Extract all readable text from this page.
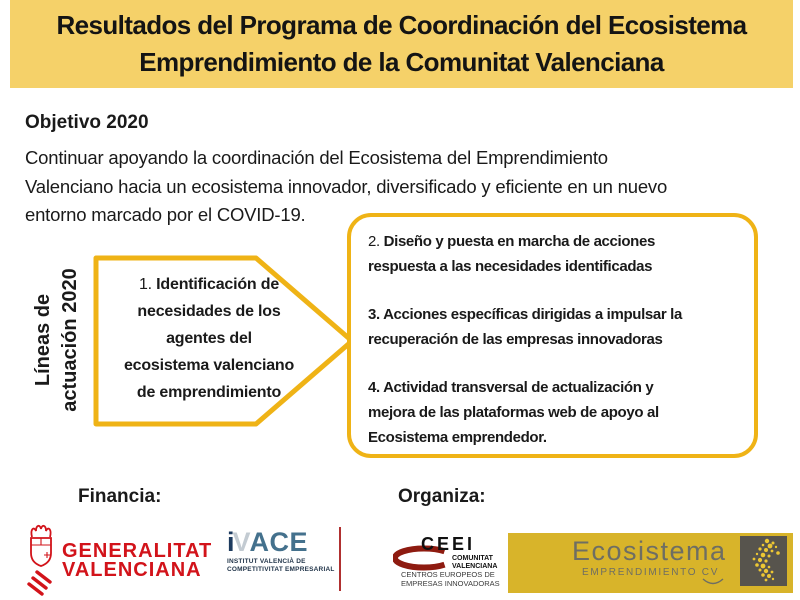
Resultados del Programa de Coordinación del Ecosistema
Emprendimiento de la Comunitat Valenciana
Objetivo 2020
Continuar apoyando la coordinación del Ecosistema del Emprendimiento
Valenciano hacia un ecosistema innovador, diversificado y eficiente en un nuevo
entorno marcado por el COVID-19.
Líneas de actuación 2020	1. Identificación de
necesidades de los
agentes del
ecosistema valenciano
de emprendimiento
2. Diseño y puesta en marcha de acciones
respuesta a las necesidades identificadas
3. Acciones específicas dirigidas a impulsar la
recuperación de las empresas innovadoras
4. Actividad transversal de actualización y
mejora de las plataformas web de apoyo al
Ecosistema emprendedor.
Financia:	Organiza:
GENERALITAT
VALENCIANA
iVACE
INSTITUT VALENCIÀ DE
COMPETITIVITAT EMPRESARIAL
CEEI
COMUNITAT
VALENCIANA
CENTROS EUROPEOS DE
EMPRESAS INNOVADORAS
Ecosistema
EMPRENDIMIENTO CV
